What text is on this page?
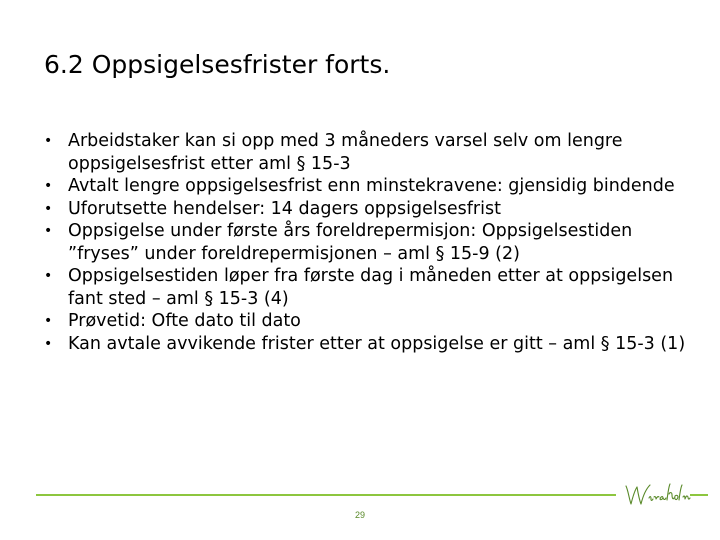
6.2 Oppsigelsesfrister forts.
• Arbeidstaker kan si opp med 3 måneders varsel selv om lengre oppsigelsesfrist etter aml § 15-3
• Avtalt lengre oppsigelsesfrist enn minstekravene: gjensidig bindende
• Uforutsette hendelser: 14 dagers oppsigelsesfrist
• Oppsigelse under første års foreldrepermisjon: Oppsigelsestiden ”fryses” under foreldrepermisjonen – aml § 15-9 (2)
• Oppsigelsestiden løper fra første dag i måneden etter at oppsigelsen fant sted – aml § 15-3 (4)
• Prøvetid: Ofte dato til dato
• Kan avtale avvikende frister etter at oppsigelse er gitt – aml § 15-3 (1)
29
